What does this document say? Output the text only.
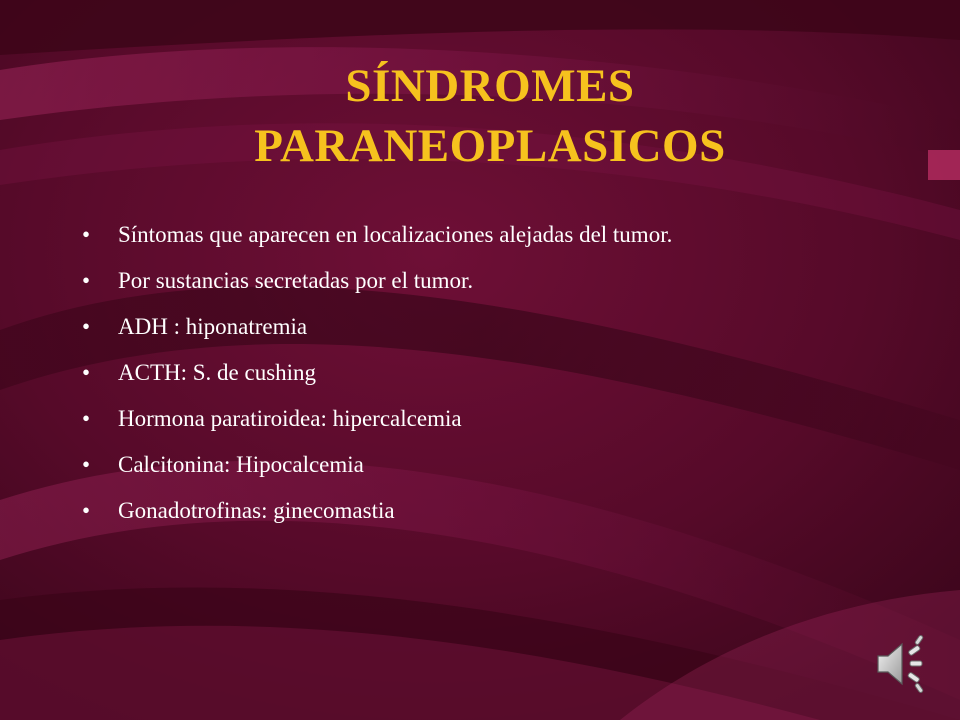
SÍNDROMES
PARANEOPLASICOS
• Síntomas que aparecen en localizaciones alejadas del tumor.
• Por sustancias secretadas por el tumor.
• ADH : hiponatremia
• ACTH: S. de cushing
• Hormona paratiroidea: hipercalcemia
• Calcitonina: Hipocalcemia
• Gonadotrofinas: ginecomastia
